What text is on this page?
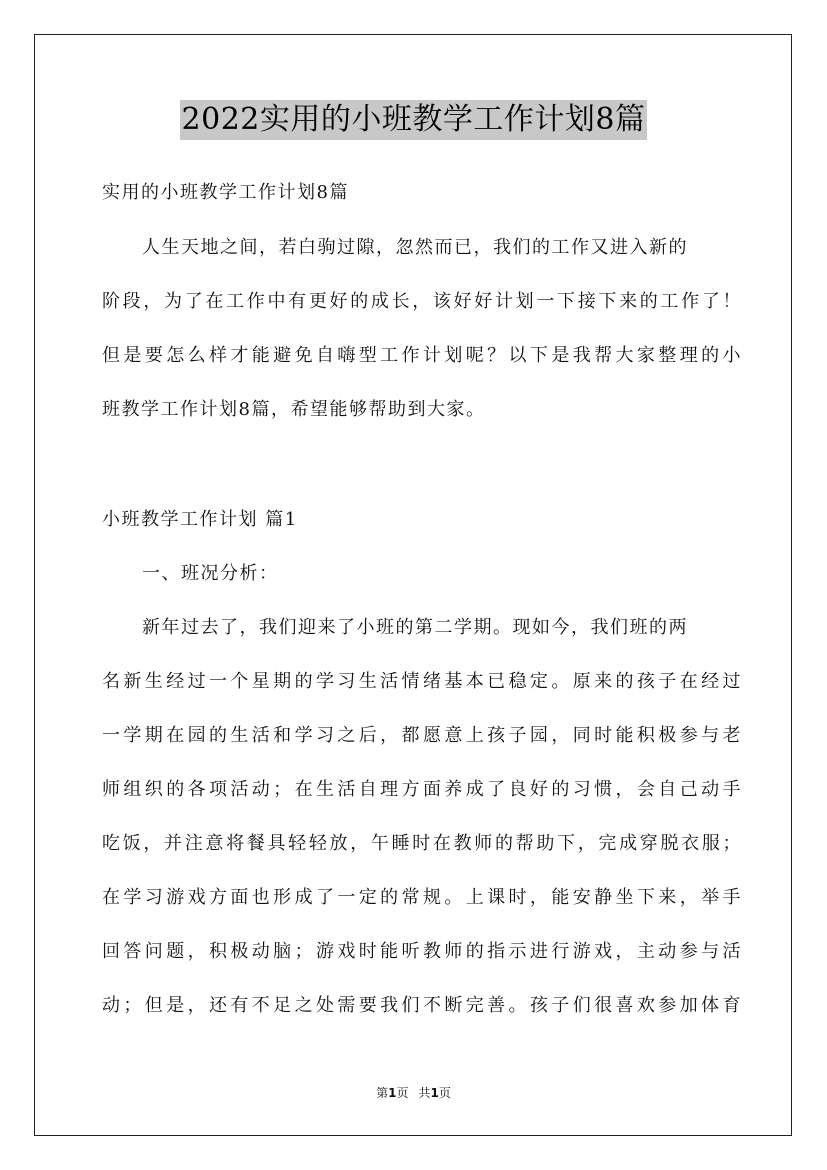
2022实用的小班教学工作计划8篇
实用的小班教学工作计划8篇
人生天地之间，若白驹过隙，忽然而已，我们的工作又进入新的
阶段，为了在工作中有更好的成长，该好好计划一下接下来的工作了！
但是要怎么样才能避免自嗨型工作计划呢？以下是我帮大家整理的小
班教学工作计划8篇，希望能够帮助到大家。
小班教学工作计划 篇1
一、班况分析：
新年过去了，我们迎来了小班的第二学期。现如今，我们班的两
名新生经过一个星期的学习生活情绪基本已稳定。原来的孩子在经过
一学期在园的生活和学习之后，都愿意上孩子园，同时能积极参与老
师组织的各项活动；在生活自理方面养成了良好的习惯，会自己动手
吃饭，并注意将餐具轻轻放，午睡时在教师的帮助下，完成穿脱衣服；
在学习游戏方面也形成了一定的常规。上课时，能安静坐下来，举手
回答问题，积极动脑；游戏时能听教师的指示进行游戏，主动参与活
动；但是，还有不足之处需要我们不断完善。孩子们很喜欢参加体育
第1页 共1页
